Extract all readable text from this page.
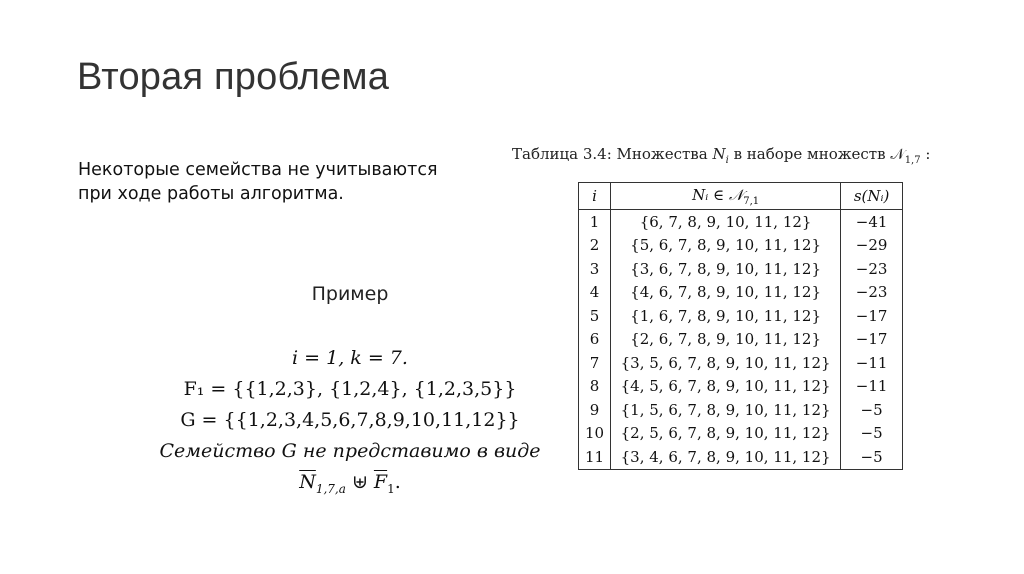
Вторая проблема
Некоторые семейства не учитываются
при ходе работы алгоритма.
Пример
i = 1, k = 7.
F₁ = {{1,2,3}, {1,2,4}, {1,2,3,5}}
G = {{1,2,3,4,5,6,7,8,9,10,11,12}}
Семейство G не представимо в виде
$\overline{N}_{1,7,a}$ ⊎ $\overline{F}_1$.
Таблица 3.4: Множества $N_i$ в наборе множеств 𝒩$_{1,7}$ :
i	Nᵢ ∈ 𝒩$_{7,1}$	s(Nᵢ)
1	{6, 7, 8, 9, 10, 11, 12}	−41
2	{5, 6, 7, 8, 9, 10, 11, 12}	−29
3	{3, 6, 7, 8, 9, 10, 11, 12}	−23
4	{4, 6, 7, 8, 9, 10, 11, 12}	−23
5	{1, 6, 7, 8, 9, 10, 11, 12}	−17
6	{2, 6, 7, 8, 9, 10, 11, 12}	−17
7	{3, 5, 6, 7, 8, 9, 10, 11, 12}	−11
8	{4, 5, 6, 7, 8, 9, 10, 11, 12}	−11
9	{1, 5, 6, 7, 8, 9, 10, 11, 12}	−5
10	{2, 5, 6, 7, 8, 9, 10, 11, 12}	−5
11	{3, 4, 6, 7, 8, 9, 10, 11, 12}	−5
